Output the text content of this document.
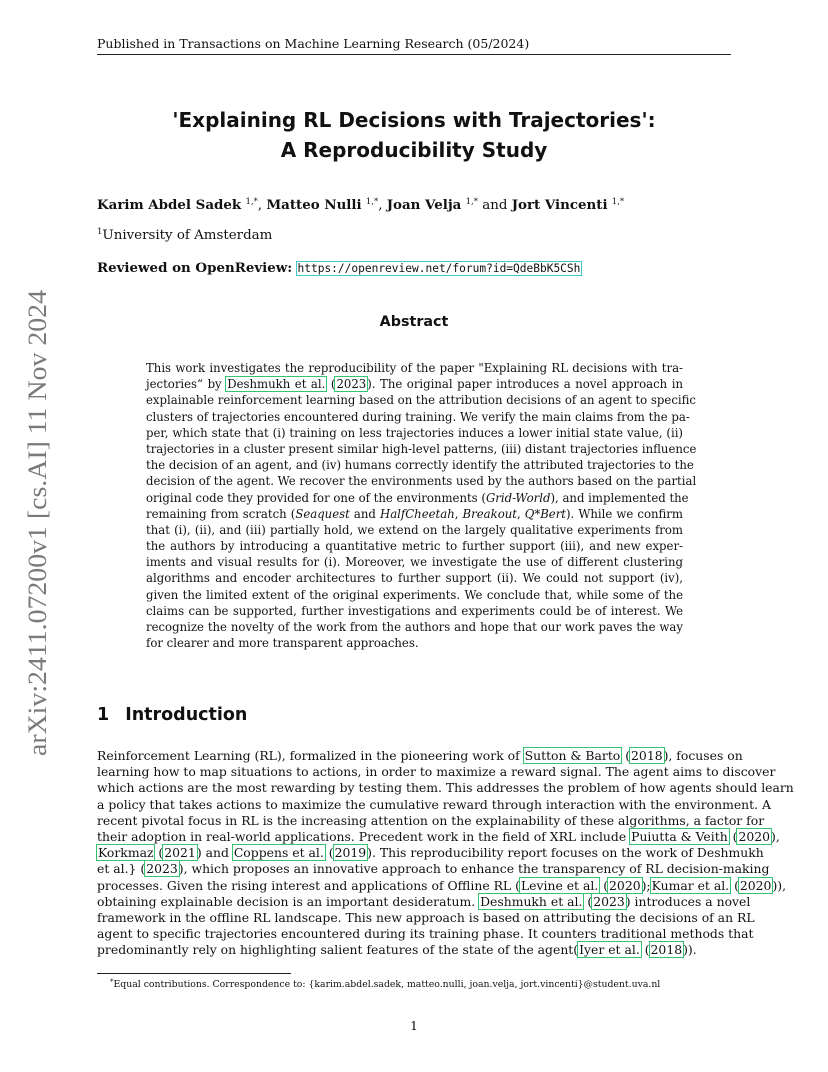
Published in Transactions on Machine Learning Research (05/2024)
arXiv:2411.07200v1 [cs.AI] 11 Nov 2024
'Explaining RL Decisions with Trajectories':
A Reproducibility Study
Karim Abdel Sadek $^{1,*}$, Matteo Nulli $^{1,*}$, Joan Velja $^{1,*}$ and Jort Vincenti $^{1,*}$
$^1$University of Amsterdam
Reviewed on OpenReview: https://openreview.net/forum?id=QdeBbK5CSh
Abstract
This work investigates the reproducibility of the paper "Explaining RL decisions with tra-
jectories“ by Deshmukh et al. (2023). The original paper introduces a novel approach in
explainable reinforcement learning based on the attribution decisions of an agent to specific
clusters of trajectories encountered during training. We verify the main claims from the pa-
per, which state that (i) training on less trajectories induces a lower initial state value, (ii)
trajectories in a cluster present similar high-level patterns, (iii) distant trajectories influence
the decision of an agent, and (iv) humans correctly identify the attributed trajectories to the
decision of the agent. We recover the environments used by the authors based on the partial
original code they provided for one of the environments (Grid-World), and implemented the
remaining from scratch (Seaquest and HalfCheetah, Breakout, Q*Bert). While we confirm
that (i), (ii), and (iii) partially hold, we extend on the largely qualitative experiments from
the authors by introducing a quantitative metric to further support (iii), and new exper-
iments and visual results for (i). Moreover, we investigate the use of different clustering
algorithms and encoder architectures to further support (ii). We could not support (iv),
given the limited extent of the original experiments. We conclude that, while some of the
claims can be supported, further investigations and experiments could be of interest. We
recognize the novelty of the work from the authors and hope that our work paves the way
for clearer and more transparent approaches.
1 Introduction
Reinforcement Learning (RL), formalized in the pioneering work of Sutton & Barto (2018), focuses on
learning how to map situations to actions, in order to maximize a reward signal. The agent aims to discover
which actions are the most rewarding by testing them. This addresses the problem of how agents should learn
a policy that takes actions to maximize the cumulative reward through interaction with the environment. A
recent pivotal focus in RL is the increasing attention on the explainability of these algorithms, a factor for
their adoption in real-world applications. Precedent work in the field of XRL include Puiutta & Veith (2020),
Korkmaz (2021) and Coppens et al. (2019). This reproducibility report focuses on the work of Deshmukh
et al.} (2023), which proposes an innovative approach to enhance the transparency of RL decision-making
processes. Given the rising interest and applications of Offline RL (Levine et al. (2020);Kumar et al. (2020)),
obtaining explainable decision is an important desideratum. Deshmukh et al. (2023) introduces a novel
framework in the offline RL landscape. This new approach is based on attributing the decisions of an RL
agent to specific trajectories encountered during its training phase. It counters traditional methods that
predominantly rely on highlighting salient features of the state of the agent(Iyer et al. (2018)).
*Equal contributions. Correspondence to: {karim.abdel.sadek, matteo.nulli, joan.velja, jort.vincenti}@student.uva.nl
1
